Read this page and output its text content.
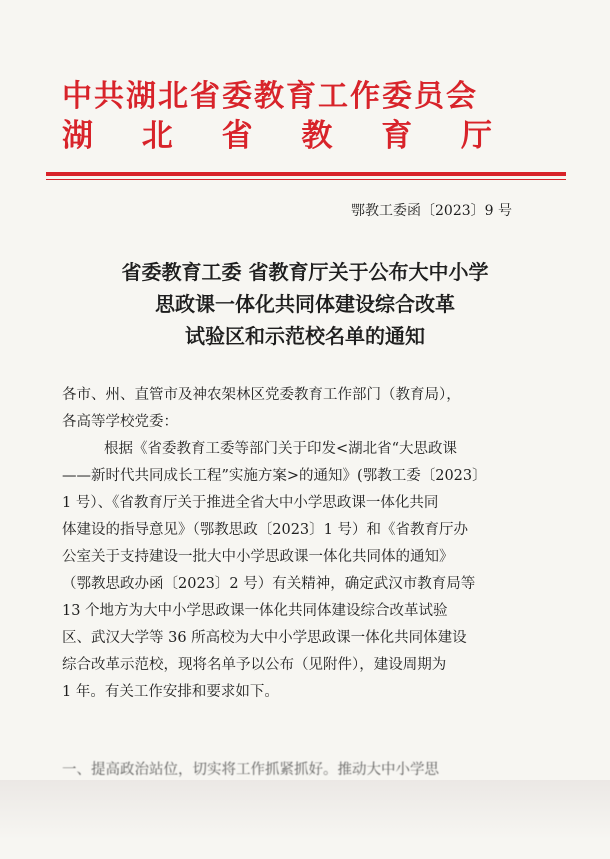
中共湖北省委教育工作委员会
湖 北 省 教 育 厅
鄂教工委函〔2023〕9 号
省委教育工委 省教育厅关于公布大中小学
思政课一体化共同体建设综合改革
试验区和示范校名单的通知
各市、州、直管市及神农架林区党委教育工作部门（教育局），
各高等学校党委：
根据《省委教育工委等部门关于印发<湖北省“大思政课
——新时代共同成长工程”实施方案>的通知》(鄂教工委〔2023〕
1 号）、《省教育厅关于推进全省大中小学思政课一体化共同
体建设的指导意见》（鄂教思政〔2023〕1 号）和《省教育厅办
公室关于支持建设一批大中小学思政课一体化共同体的通知》
（鄂教思政办函〔2023〕2 号）有关精神，确定武汉市教育局等
13 个地方为大中小学思政课一体化共同体建设综合改革试验
区、武汉大学等 36 所高校为大中小学思政课一体化共同体建设
综合改革示范校，现将名单予以公布（见附件），建设周期为
1 年。有关工作安排和要求如下。
一、提高政治站位，切实将工作抓紧抓好。推动大中小学思
